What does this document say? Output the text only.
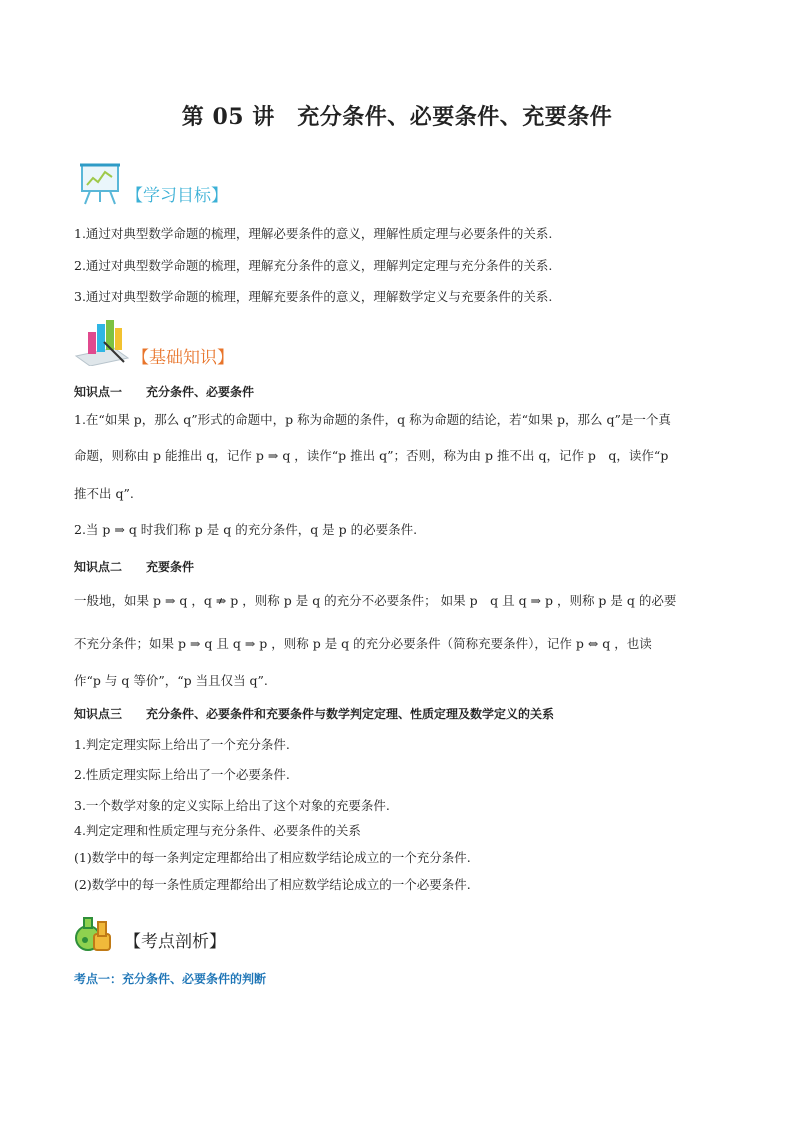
第 05 讲　充分条件、必要条件、充要条件
【学习目标】
1.通过对典型数学命题的梳理，理解必要条件的意义，理解性质定理与必要条件的关系.
2.通过对典型数学命题的梳理，理解充分条件的意义，理解判定定理与充分条件的关系.
3.通过对典型数学命题的梳理，理解充要条件的意义，理解数学定义与充要条件的关系.
【基础知识】
知识点一 充分条件、必要条件
1.在“如果 p，那么 q”形式的命题中，p 称为命题的条件，q 称为命题的结论，若“如果 p，那么 q”是一个真
命题，则称由 p 能推出 q，记作 p ⇒ q ，读作“p 推出 q”；否则，称为由 p 推不出 q，记作 p　q，读作“p
推不出 q”.
2.当 p ⇒ q 时我们称 p 是 q 的充分条件，q 是 p 的必要条件.
知识点二 充要条件
一般地，如果 p ⇒ q ，q ⇏ p ，则称 p 是 q 的充分不必要条件； 如果 p　q 且 q ⇒ p ，则称 p 是 q 的必要
不充分条件；如果 p ⇒ q 且 q ⇒ p ，则称 p 是 q 的充分必要条件（简称充要条件），记作 p ⇔ q ，也读
作“p 与 q 等价”，“p 当且仅当 q”.
知识点三 充分条件、必要条件和充要条件与数学判定定理、性质定理及数学定义的关系
1.判定定理实际上给出了一个充分条件.
2.性质定理实际上给出了一个必要条件.
3.一个数学对象的定义实际上给出了这个对象的充要条件.
4.判定定理和性质定理与充分条件、必要条件的关系
(1)数学中的每一条判定定理都给出了相应数学结论成立的一个充分条件.
(2)数学中的每一条性质定理都给出了相应数学结论成立的一个必要条件.
【考点剖析】
考点一：充分条件、必要条件的判断
